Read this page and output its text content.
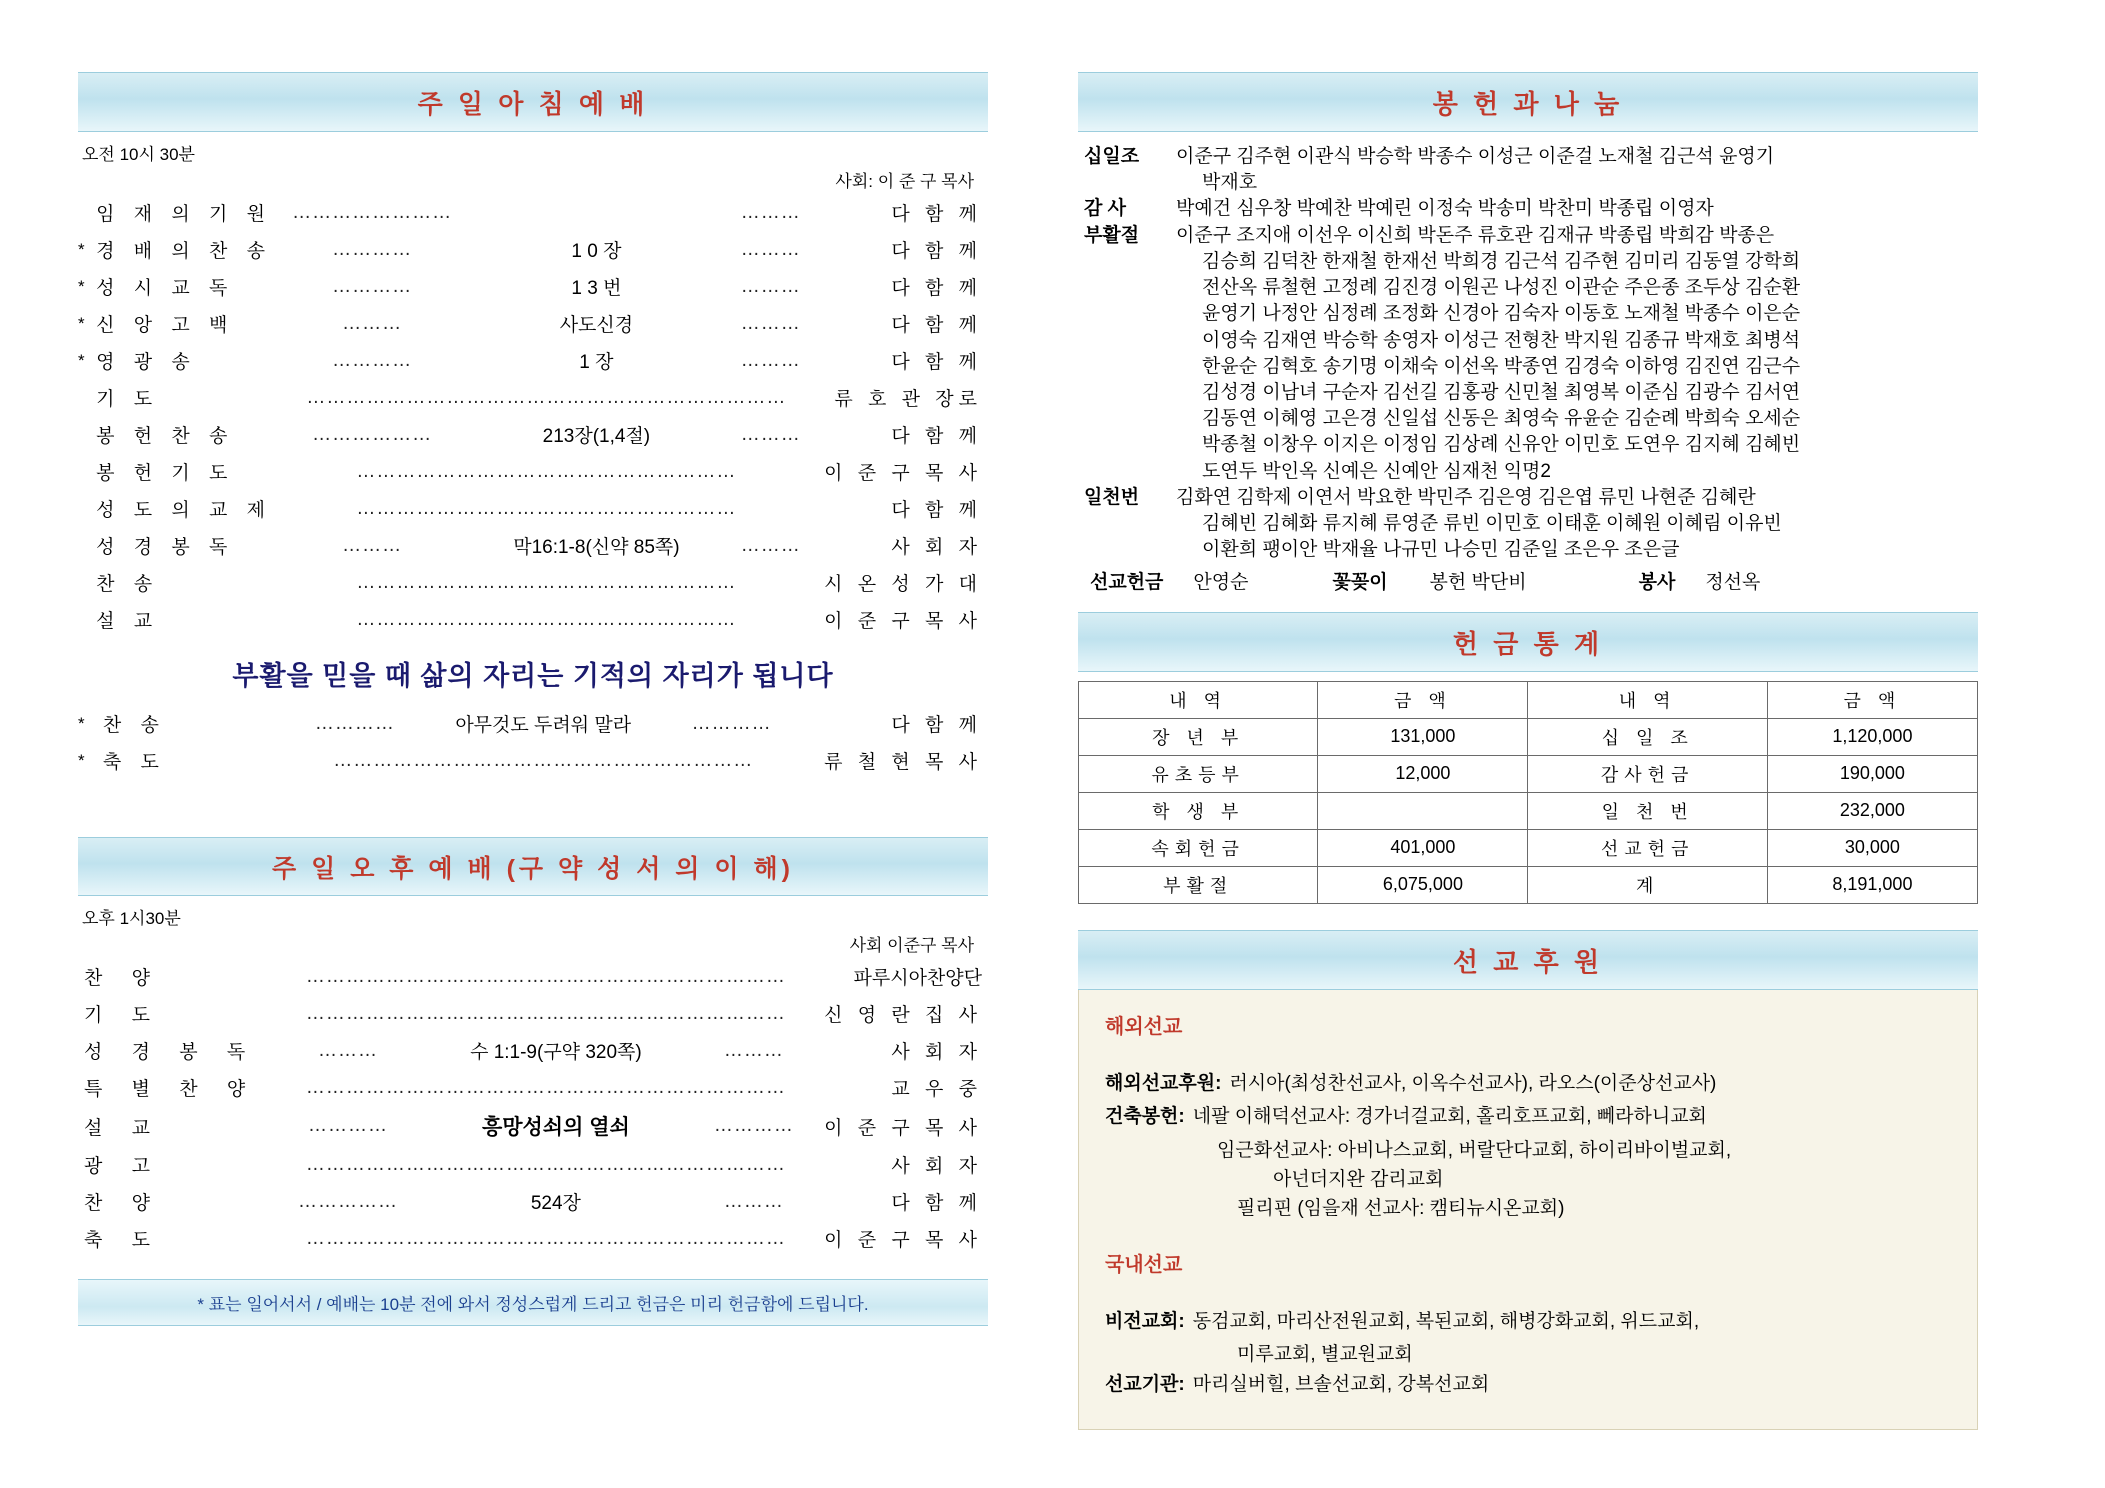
주 일 아 침 예 배
오전 10시 30분
사회: 이 준 구 목사
	임 재 의 기 원	……………………		………	다 함 께
*	경 배 의 찬 송	…………	1 0 장	………	다 함 께
*	성 시 교 독	…………	1 3 번	………	다 함 께
*	신 앙 고 백	………	사도신경	………	다 함 께
*	영 광 송	…………	1 장	………	다 함 께
	기 도	………………………………………………………………			류 호 관 장로
	봉 헌 찬 송	………………	213장(1,4절)	………	다 함 께
	봉 헌 기 도	…………………………………………………			이 준 구 목 사
	성 도 의 교 제	…………………………………………………			다 함 께
	성 경 봉 독	………	막16:1-8(신약 85쪽)	………	사 회 자
	찬 송	…………………………………………………			시 온 성 가 대
	설 교	…………………………………………………			이 준 구 목 사
부활을 믿을 때 삶의 자리는 기적의 자리가 됩니다
*	찬 송	…………	아무것도 두려워 말라	…………	다 함 께
*	축 도	………………………………………………………			류 철 현 목 사
주 일 오 후 예 배 (구 약 성 서 의 이 해)
오후 1시30분
사회 이준구 목사
찬 양	………………………………………………………………			파루시아찬양단
기 도	………………………………………………………………			신 영 란 집 사
성 경 봉 독	………	수 1:1-9(구약 320쪽)	………	사 회 자
특 별 찬 양	………………………………………………………………			교 우 중
설 교	…………	흥망성쇠의 열쇠	…………	이 준 구 목 사
광 고	………………………………………………………………			사 회 자
찬 양	……………	524장	………	다 함 께
축 도	………………………………………………………………			이 준 구 목 사
* 표는 일어서서 / 예배는 10분 전에 와서 정성스럽게 드리고 헌금은 미리 헌금함에 드립니다.
봉 헌 과 나 눔
십일조	이준구 김주현 이관식 박승학 박종수 이성근 이준걸 노재철 김근석 윤영기
박재호
감 사	박예건 심우창 박예찬 박예린 이정숙 박송미 박찬미 박종립 이영자
부활절	이준구 조지애 이선우 이신희 박돈주 류호관 김재규 박종립 박희감 박종은
김승희 김덕찬 한재철 한재선 박희경 김근석 김주현 김미리 김동열 강학희
전산옥 류철현 고정례 김진경 이원곤 나성진 이관순 주은종 조두상 김순환
윤영기 나정안 심정례 조정화 신경아 김숙자 이동호 노재철 박종수 이은순
이영숙 김재연 박승학 송영자 이성근 전형찬 박지원 김종규 박재호 최병석
한윤순 김혁호 송기명 이채숙 이선옥 박종연 김경숙 이하영 김진연 김근수
김성경 이남녀 구순자 김선길 김홍광 신민철 최영복 이준심 김광수 김서연
김동연 이혜영 고은경 신일섭 신동은 최영숙 유윤순 김순례 박희숙 오세순
박종철 이창우 이지은 이정임 김상례 신유안 이민호 도연우 김지혜 김혜빈
도연두 박인옥 신예은 신예안 심재천 익명2
일천번	김화연 김학제 이연서 박요한 박민주 김은영 김은엽 류민 나현준 김혜란
김혜빈 김혜화 류지혜 류영준 류빈 이민호 이태훈 이혜원 이혜림 이유빈
이환희 팽이안 박재율 나규민 나승민 김준일 조은우 조은글
선교헌금 안영순	꽃꽂이 봉헌 박단비	봉사 정선옥
헌 금 통 계
내 역	금 액	내 역	금 액
장 년 부	131,000	십 일 조	1,120,000
유초등부	12,000	감사헌금	190,000
학 생 부		일 천 번	232,000
속회헌금	401,000	선교헌금	30,000
부활절	6,075,000	계	8,191,000
선 교 후 원
해외선교
해외선교후원: 러시아(최성찬선교사, 이옥수선교사), 라오스(이준상선교사)
건축봉헌: 네팔 이해덕선교사: 경가너걸교회, 홀리호프교회, 뻬라하니교회
임근화선교사: 아비나스교회, 버랄단다교회, 하이리바이벌교회,
아넌더지완 감리교회
필리핀 (임을재 선교사: 캠티뉴시온교회)
국내선교
비전교회: 동검교회, 마리산전원교회, 복된교회, 해병강화교회, 위드교회,
미루교회, 별교원교회
선교기관: 마리실버힐, 브솔선교회, 강복선교회
